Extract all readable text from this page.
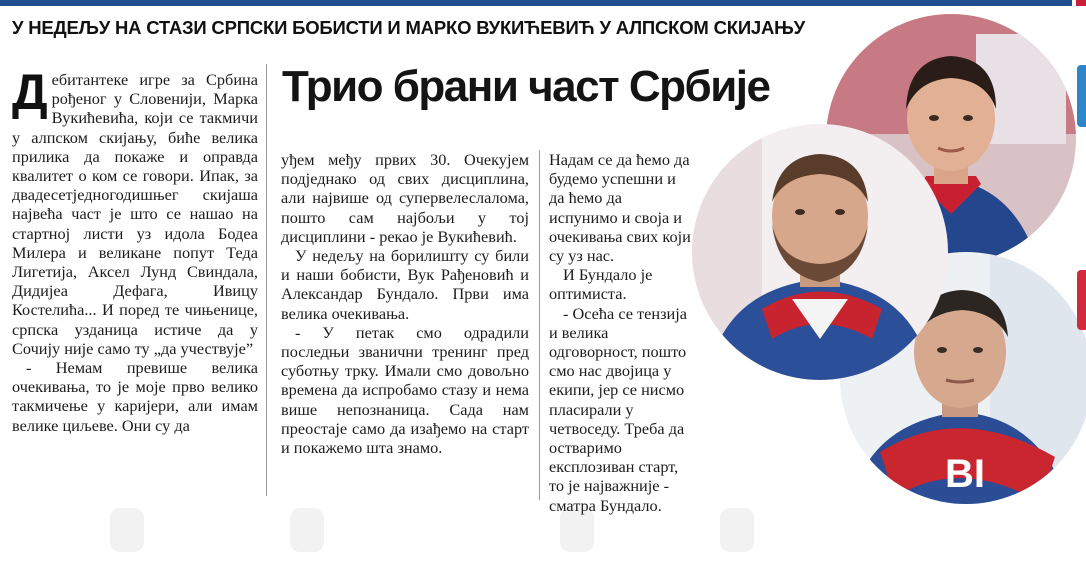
У НЕДЕЉУ НА СТАЗИ СРПСКИ БОБИСТИ И МАРКО ВУКИЋЕВИЋ У АЛПСКОМ СКИЈАЊУ
Трио брани част Србије

Дебитантеке игре за Србина рођеног у Словенији, Марка Вукићевића, који се такмичи у алпском скијању, биће велика прилика да покаже и оправда квалитет о ком се говори. Ипак, за двадесетједногодишњег скијаша највећа част је што се нашао на стартној листи уз идола Бодеа Милера и великане попут Теда Лигетија, Аксел Лунд Свиндала, Дидијеа Дефага, Ивицу Костелића... И поред те чињенице, српска узданица истиче да у Сочију није само ту „да учествује”

- Немам превише велика очекивања, то је моје прво велико такмичење у каријери, али имам велике циљеве. Они су да

уђем међу првих 30. Очекујем подједнако од свих дисциплина, али највише од супервелеслалома, пошто сам најбољи у тој дисциплини - рекао је Вукићевић.

У недељу на борилишту су били и наши бобисти, Вук Рађеновић и Александар Бундало. Први има велика очекивања.

- У петак смо одрадили последњи званични тренинг пред суботњу трку. Имали смо довољно времена да испробамо стазу и нема више непознаница. Сада нам преостаје само да изађемо на старт и покажемо шта знамо.

Надам се да ћемо да будемо успешни и да ћемо да испунимо и своја и очекивања свих који су уз нас.

И Бундало је оптимиста.

- Осећа се тензија и велика одговорност, пошто смо нас двојица у екипи, јер се нисмо пласирали у четвоcеду. Треба да остваримо експлозиван старт, то је најважније - сматра Бундало.

BI
